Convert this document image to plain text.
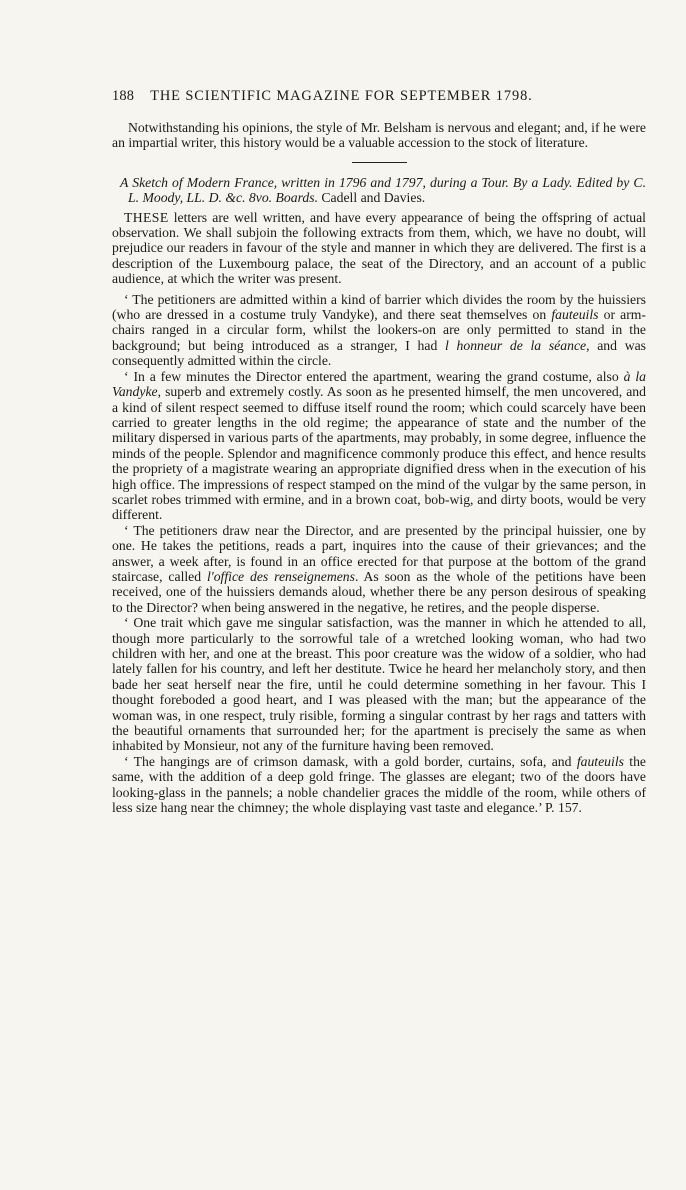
188 THE SCIENTIFIC MAGAZINE FOR SEPTEMBER 1798.

Notwithstanding his opinions, the style of Mr. Belsham is nervous and elegant; and, if he were an impartial writer, this history would be a valuable accession to the stock of literature.

A Sketch of Modern France, written in 1796 and 1797, during a Tour. By a Lady. Edited by C. L. Moody, LL. D. &c. 8vo. Boards. Cadell and Davies.

THESE letters are well written, and have every appearance of being the offspring of actual observation. We shall subjoin the following extracts from them, which, we have no doubt, will prejudice our readers in favour of the style and manner in which they are delivered. The first is a description of the Luxembourg palace, the seat of the Directory, and an account of a public audience, at which the writer was present.

‘ The petitioners are admitted within a kind of barrier which divides the room by the huissiers (who are dressed in a costume truly Vandyke), and there seat themselves on fauteuils or arm-chairs ranged in a circular form, whilst the lookers-on are only permitted to stand in the background; but being introduced as a stranger, I had l honneur de la séance, and was consequently admitted within the circle.

‘ In a few minutes the Director entered the apartment, wearing the grand costume, also à la Vandyke, superb and extremely costly. As soon as he presented himself, the men uncovered, and a kind of silent respect seemed to diffuse itself round the room; which could scarcely have been carried to greater lengths in the old regime; the appearance of state and the number of the military dispersed in various parts of the apartments, may probably, in some degree, influence the minds of the people. Splendor and magnificence commonly produce this effect, and hence results the propriety of a magistrate wearing an appropriate dignified dress when in the execution of his high office. The impressions of respect stamped on the mind of the vulgar by the same person, in scarlet robes trimmed with ermine, and in a brown coat, bob-wig, and dirty boots, would be very different.

‘ The petitioners draw near the Director, and are presented by the principal huissier, one by one. He takes the petitions, reads a part, inquires into the cause of their grievances; and the answer, a week after, is found in an office erected for that purpose at the bottom of the grand staircase, called l'office des renseignemens. As soon as the whole of the petitions have been received, one of the huissiers demands aloud, whether there be any person desirous of speaking to the Director? when being answered in the negative, he retires, and the people disperse.

‘ One trait which gave me singular satisfaction, was the manner in which he attended to all, though more particularly to the sorrowful tale of a wretched looking woman, who had two children with her, and one at the breast. This poor creature was the widow of a soldier, who had lately fallen for his country, and left her destitute. Twice he heard her melancholy story, and then bade her seat herself near the fire, until he could determine something in her favour. This I thought foreboded a good heart, and I was pleased with the man; but the appearance of the woman was, in one respect, truly risible, forming a singular contrast by her rags and tatters with the beautiful ornaments that surrounded her; for the apartment is precisely the same as when inhabited by Monsieur, not any of the furniture having been removed.

‘ The hangings are of crimson damask, with a gold border, curtains, sofa, and fauteuils the same, with the addition of a deep gold fringe. The glasses are elegant; two of the doors have looking-glass in the pannels; a noble chandelier graces the middle of the room, while others of less size hang near the chimney; the whole displaying vast taste and elegance.’ P. 157.
